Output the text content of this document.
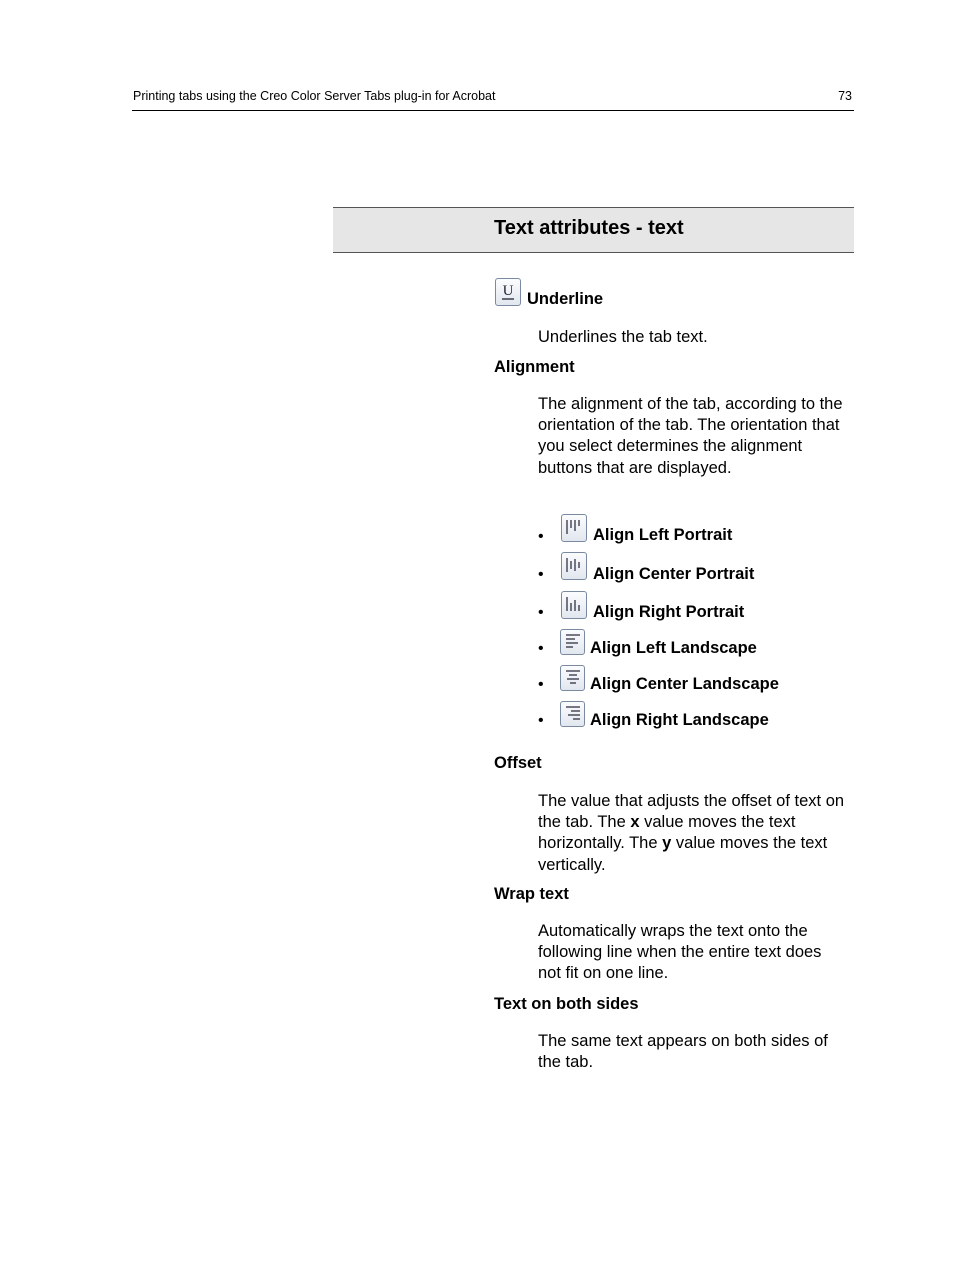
Printing tabs using the Creo Color Server Tabs plug-in for Acrobat	73
Text attributes - text
U Underline
Underlines the tab text.
Alignment
The alignment of the tab, according to the orientation of the tab. The orientation that you select determines the alignment buttons that are displayed.
•	Align Left Portrait
•	Align Center Portrait
•	Align Right Portrait
•	Align Left Landscape
•	Align Center Landscape
•	Align Right Landscape
Offset
The value that adjusts the offset of text on the tab. The x value moves the text horizontally. The y value moves the text vertically.
Wrap text
Automatically wraps the text onto the following line when the entire text does not fit on one line.
Text on both sides
The same text appears on both sides of the tab.
